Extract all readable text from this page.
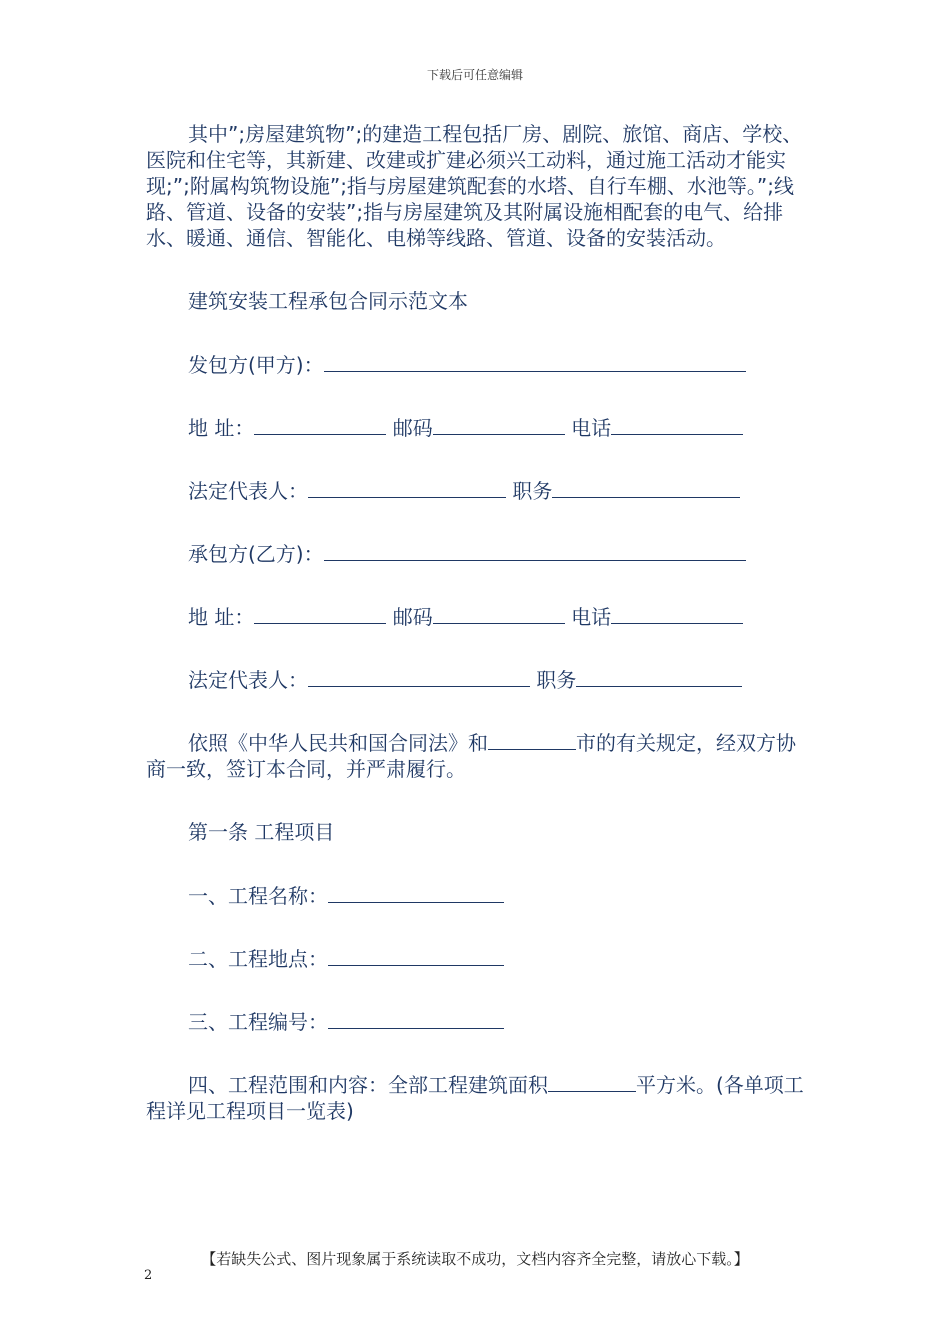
下载后可任意编辑

其中”;房屋建筑物”;的建造工程包括厂房、剧院、旅馆、商店、学校、医院和住宅等，其新建、改建或扩建必须兴工动料，通过施工活动才能实现;”;附属构筑物设施”;指与房屋建筑配套的水塔、自行车棚、水池等。”;线路、管道、设备的安装”;指与房屋建筑及其附属设施相配套的电气、给排水、暖通、通信、智能化、电梯等线路、管道、设备的安装活动。

建筑安装工程承包合同示范文本

发包方(甲方)：

地 址：	邮码	电话

法定代表人：	职务

承包方(乙方)：

地 址：	邮码	电话

法定代表人：	职务

依照《中华人民共和国合同法》和	市的有关规定，经双方协商一致，签订本合同，并严肃履行。

第一条 工程项目

一、工程名称：

二、工程地点：

三、工程编号：

四、工程范围和内容：全部工程建筑面积	平方米。(各单项工程详见工程项目一览表)

【若缺失公式、图片现象属于系统读取不成功，文档内容齐全完整，请放心下载。】
2
